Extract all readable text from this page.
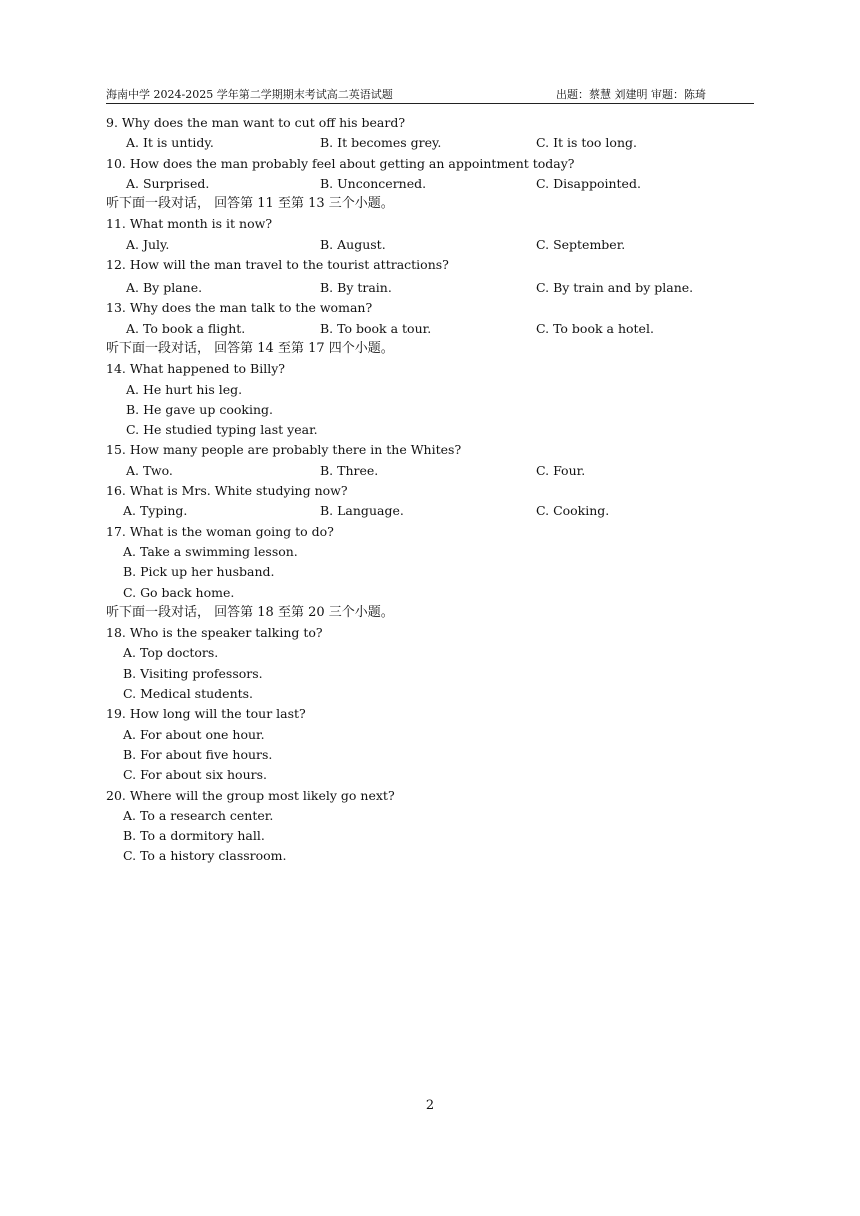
海南中学 2024-2025 学年第二学期期末考试高二英语试题	出题：蔡慧 刘建明 审题：陈琦
9. Why does the man want to cut off his beard?
A. It is untidy.	B. It becomes grey.	C. It is too long.
10. How does the man probably feel about getting an appointment today?
A. Surprised.	B. Unconcerned.	C. Disappointed.
听下面一段对话， 回答第 11 至第 13 三个小题。
11. What month is it now?
A. July.	B. August.	C. September.
12. How will the man travel to the tourist attractions?
A. By plane.	B. By train.	C. By train and by plane.
13. Why does the man talk to the woman?
A. To book a flight.	B. To book a tour.	C. To book a hotel.
听下面一段对话， 回答第 14 至第 17 四个小题。
14. What happened to Billy?
A. He hurt his leg.
B. He gave up cooking.
C. He studied typing last year.
15. How many people are probably there in the Whites?
A. Two.	B. Three.	C. Four.
16. What is Mrs. White studying now?
A. Typing.	B. Language.	C. Cooking.
17. What is the woman going to do?
A. Take a swimming lesson.
B. Pick up her husband.
C. Go back home.
听下面一段对话， 回答第 18 至第 20 三个小题。
18. Who is the speaker talking to?
A. Top doctors.
B. Visiting professors.
C. Medical students.
19. How long will the tour last?
A. For about one hour.
B. For about five hours.
C. For about six hours.
20. Where will the group most likely go next?
A. To a research center.
B. To a dormitory hall.
C. To a history classroom.
2
